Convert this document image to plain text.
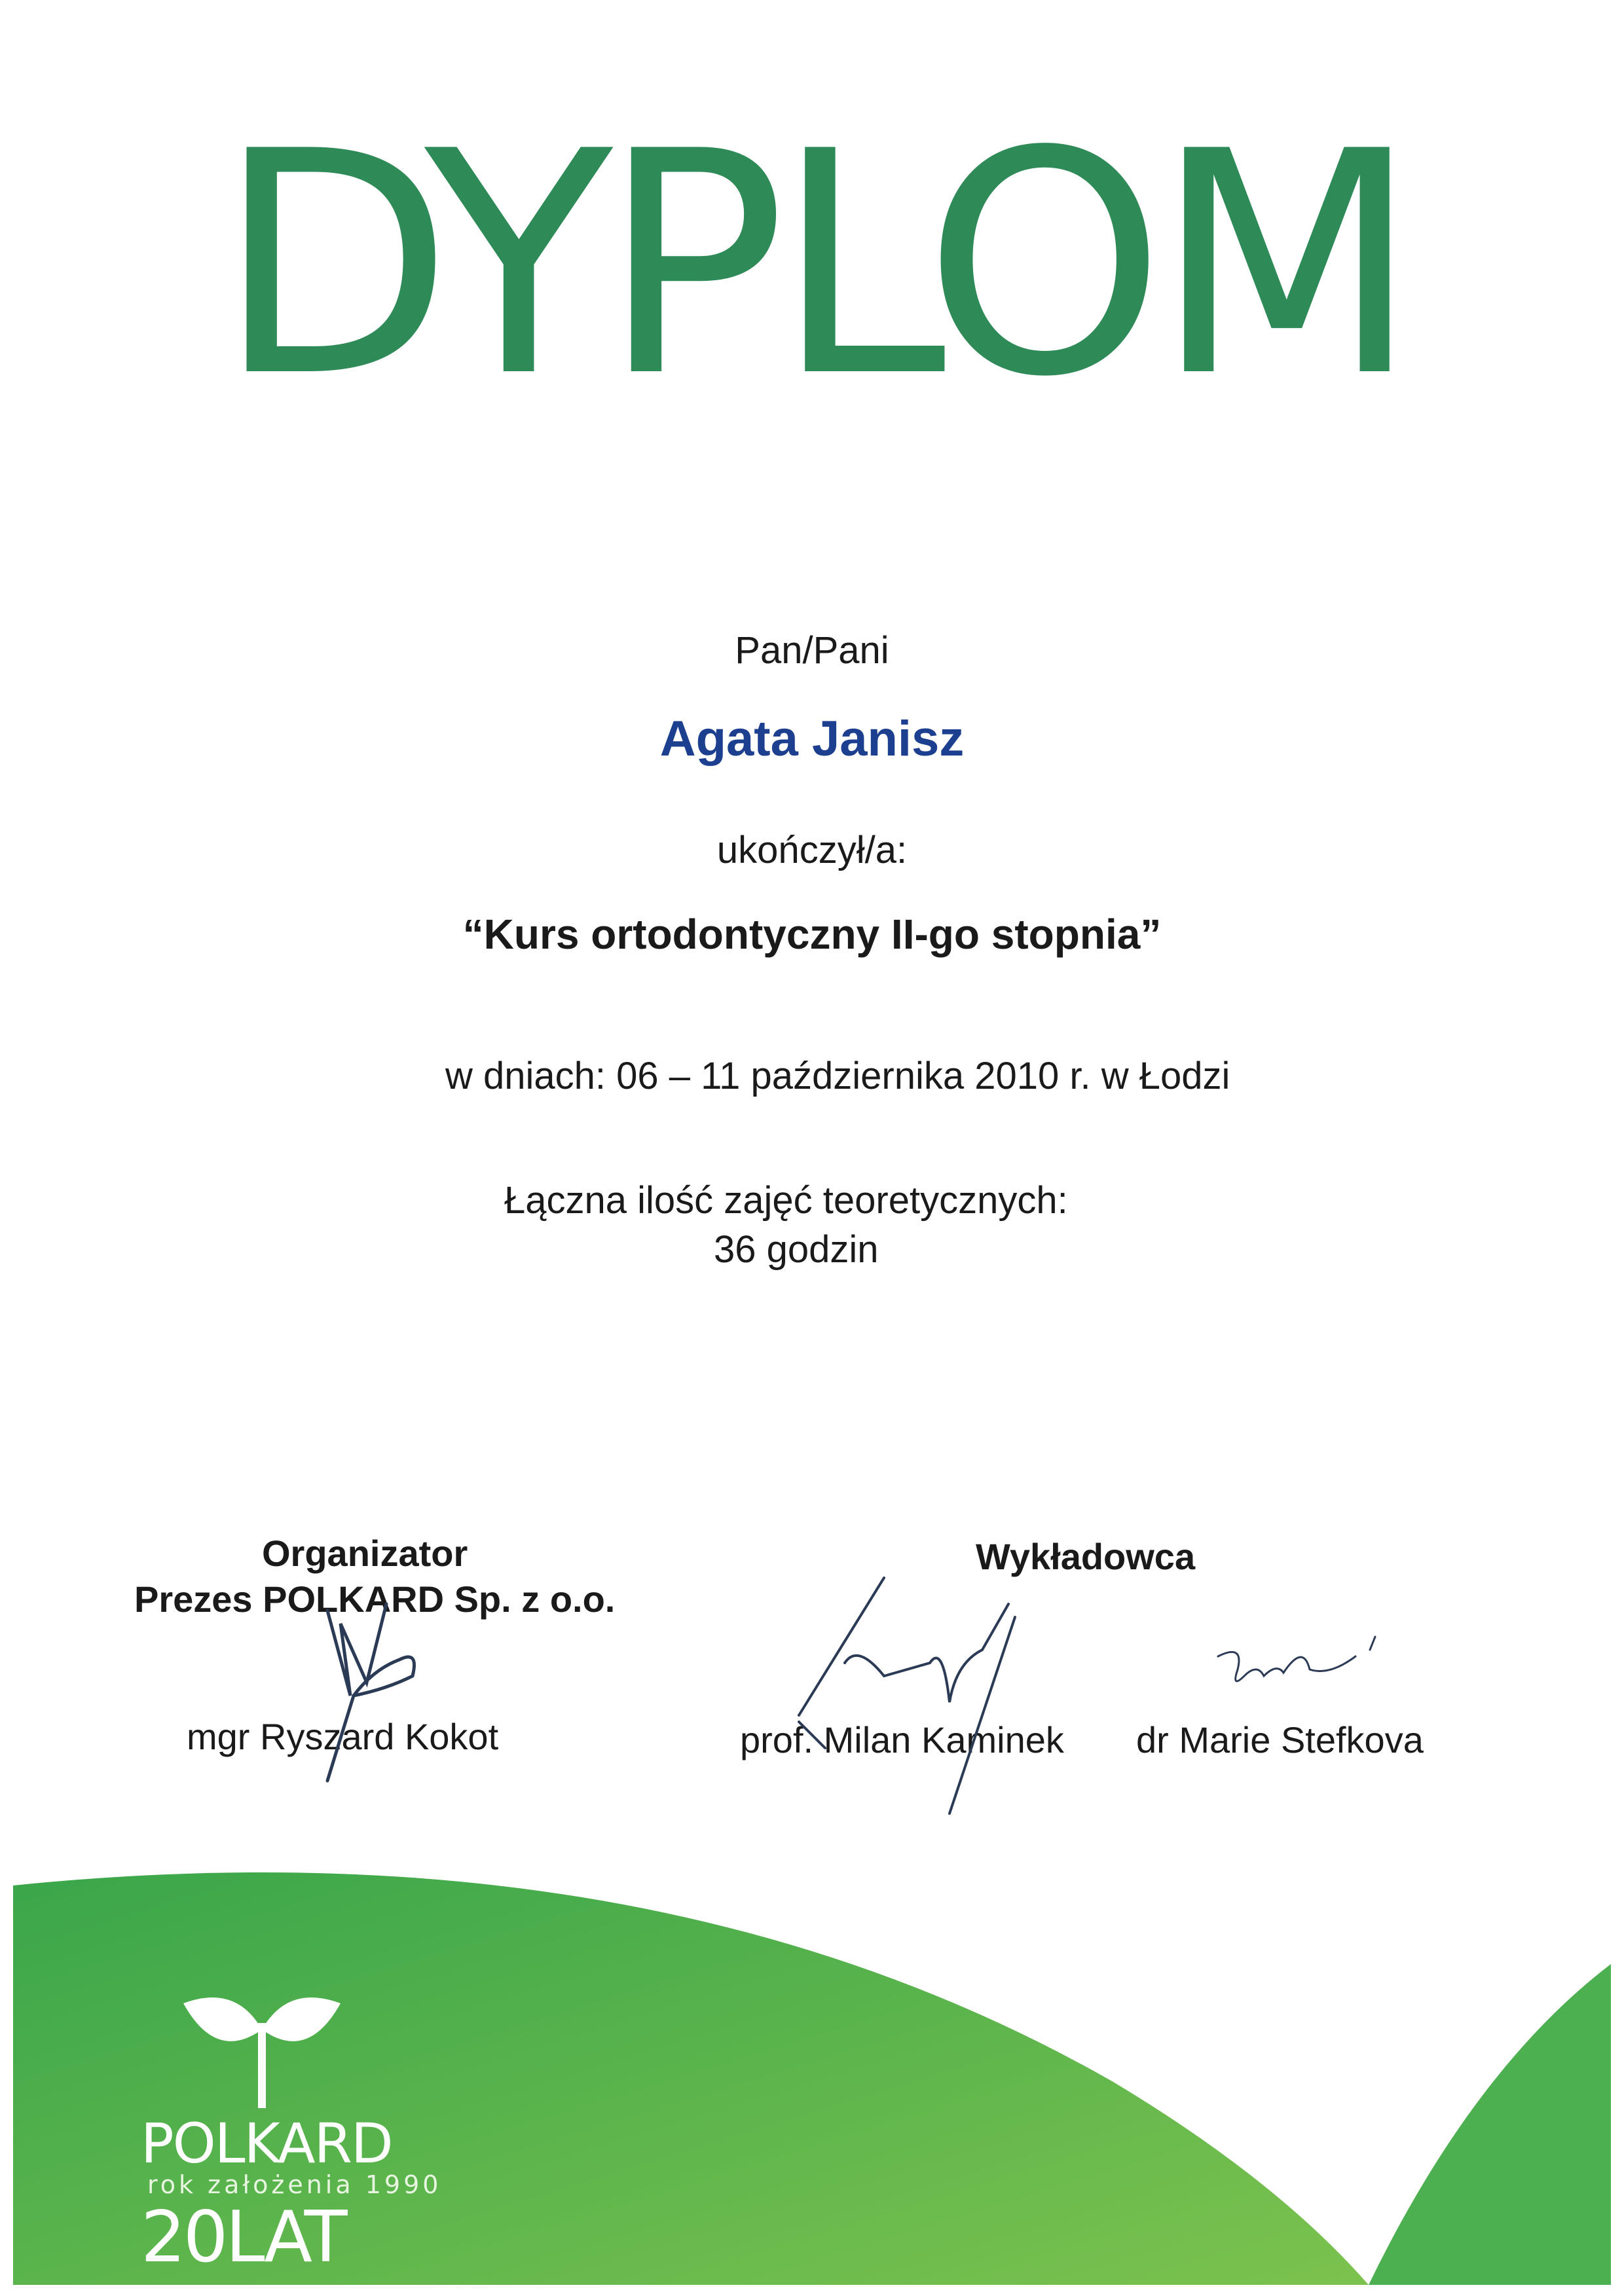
DYPLOM
Pan/Pani
Agata Janisz
ukończył/a:
“Kurs ortodontyczny II-go stopnia”
w dniach: 06 – 11 października 2010 r. w Łodzi
Łączna ilość zajęć teoretycznych:
36 godzin
Organizator
Prezes POLKARD Sp. z o.o.
mgr Ryszard Kokot
Wykładowca
prof. Milan Kaminek dr Marie Stefkova
POLKARD
rok założenia 1990
20LAT
